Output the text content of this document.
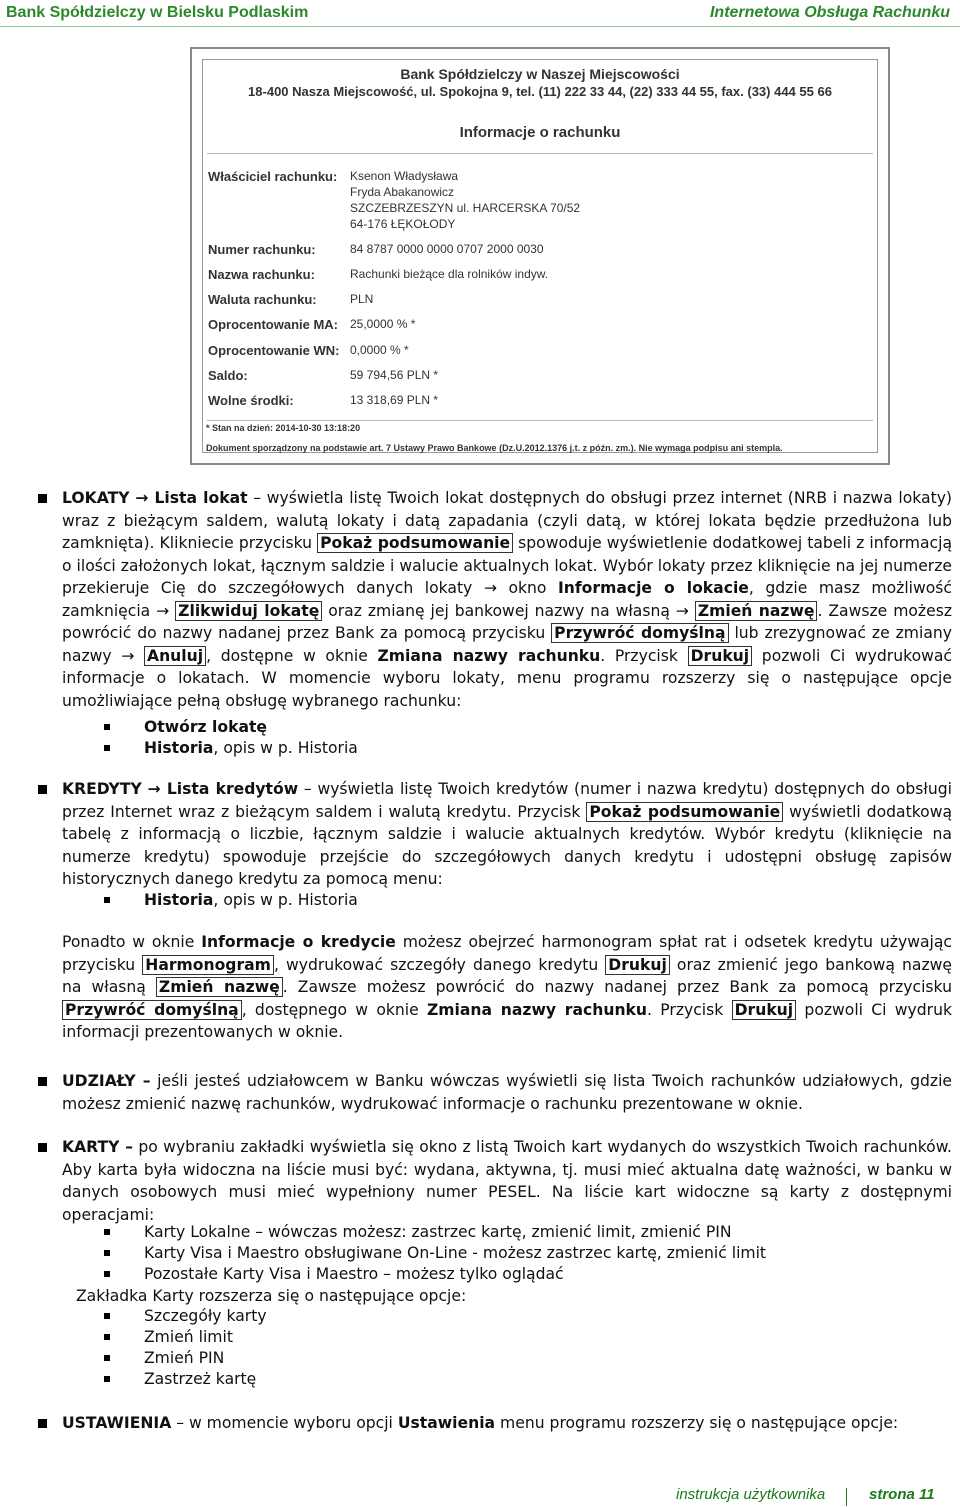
Bank Spółdzielczy w Bielsku Podlaskim	Internetowa Obsługa Rachunku
Bank Spółdzielczy w Naszej Miejscowości
18-400 Nasza Miejscowość, ul. Spokojna 9, tel. (11) 222 33 44, (22) 333 44 55, fax. (33) 444 55 66
Informacje o rachunku
Właściciel rachunku: Ksenon Władysława
Fryda Abakanowicz
SZCZEBRZESZYN ul. HARCERSKA 70/52
64-176 ŁĘKOŁODY
Numer rachunku:	84 8787 0000 0000 0707 2000 0030
Nazwa rachunku:	Rachunki bieżące dla rolników indyw.
Waluta rachunku:	PLN
Oprocentowanie MA: 25,0000 % *
Oprocentowanie WN: 0,0000 % *
Saldo:	59 794,56 PLN *
Wolne środki:	13 318,69 PLN *
* Stan na dzień: 2014-10-30 13:18:20
Dokument sporządzony na podstawie art. 7 Ustawy Prawo Bankowe (Dz.U.2012.1376 j.t. z późn. zm.). Nie wymaga podpisu ani stempla.
LOKATY → Lista lokat – wyświetla listę Twoich lokat dostępnych do obsługi przez internet (NRB i nazwa lokaty) wraz z bieżącym saldem, walutą lokaty i datą zapadania (czyli datą, w której lokata będzie przedłużona lub zamknięta). Klikniecie przycisku Pokaż podsumowanie spowoduje wyświetlenie dodatkowej tabeli z informacją o ilości założonych lokat, łącznym saldzie i walucie aktualnych lokat. Wybór lokaty przez kliknięcie na jej numerze przekieruje Cię do szczegółowych danych lokaty → okno Informacje o lokacie, gdzie masz możliwość zamknięcia → Zlikwiduj lokatę oraz zmianę jej bankowej nazwy na własną → Zmień nazwę . Zawsze możesz powrócić do nazwy nadanej przez Bank za pomocą przycisku Przywróć domyślną lub zrezygnować ze zmiany nazwy → Anuluj , dostępne w oknie Zmiana nazwy rachunku. Przycisk Drukuj pozwoli Ci wydrukować informacje o lokatach. W momencie wyboru lokaty, menu programu rozszerzy się o następujące opcje umożliwiające pełną obsługę wybranego rachunku:
Otwórz lokatę
Historia, opis w p. Historia
KREDYTY → Lista kredytów – wyświetla listę Twoich kredytów (numer i nazwa kredytu) dostępnych do obsługi przez Internet wraz z bieżącym saldem i walutą kredytu. Przycisk Pokaż podsumowanie wyświetli dodatkową tabelę z informacją o liczbie, łącznym saldzie i walucie aktualnych kredytów. Wybór kredytu (kliknięcie na numerze kredytu) spowoduje przejście do szczegółowych danych kredytu i udostępni obsługę zapisów historycznych danego kredytu za pomocą menu:
Historia, opis w p. Historia
Ponadto w oknie Informacje o kredycie możesz obejrzeć harmonogram spłat rat i odsetek kredytu używając przycisku Harmonogram , wydrukować szczegóły danego kredytu Drukuj oraz zmienić jego bankową nazwę na własną Zmień nazwę . Zawsze możesz powrócić do nazwy nadanej przez Bank za pomocą przycisku Przywróć domyślną , dostępnego w oknie Zmiana nazwy rachunku. Przycisk Drukuj pozwoli Ci wydruk informacji prezentowanych w oknie.
UDZIAŁY – jeśli jesteś udziałowcem w Banku wówczas wyświetli się lista Twoich rachunków udziałowych, gdzie możesz zmienić nazwę rachunków, wydrukować informacje o rachunku prezentowane w oknie.
KARTY – po wybraniu zakładki wyświetla się okno z listą Twoich kart wydanych do wszystkich Twoich rachunków. Aby karta była widoczna na liście musi być: wydana, aktywna, tj. musi mieć aktualna datę ważności, w banku w danych osobowych musi mieć wypełniony numer PESEL. Na liście kart widoczne są karty z dostępnymi operacjami:
Karty Lokalne – wówczas możesz: zastrzec kartę, zmienić limit, zmienić PIN
Karty Visa i Maestro obsługiwane On-Line - możesz zastrzec kartę, zmienić limit
Pozostałe Karty Visa i Maestro – możesz tylko oglądać
Zakładka Karty rozszerza się o następujące opcje:
Szczegóły karty
Zmień limit
Zmień PIN
Zastrzeż kartę
USTAWIENIA – w momencie wyboru opcji Ustawienia menu programu rozszerzy się o następujące opcje:
instrukcja użytkownika	strona 11
